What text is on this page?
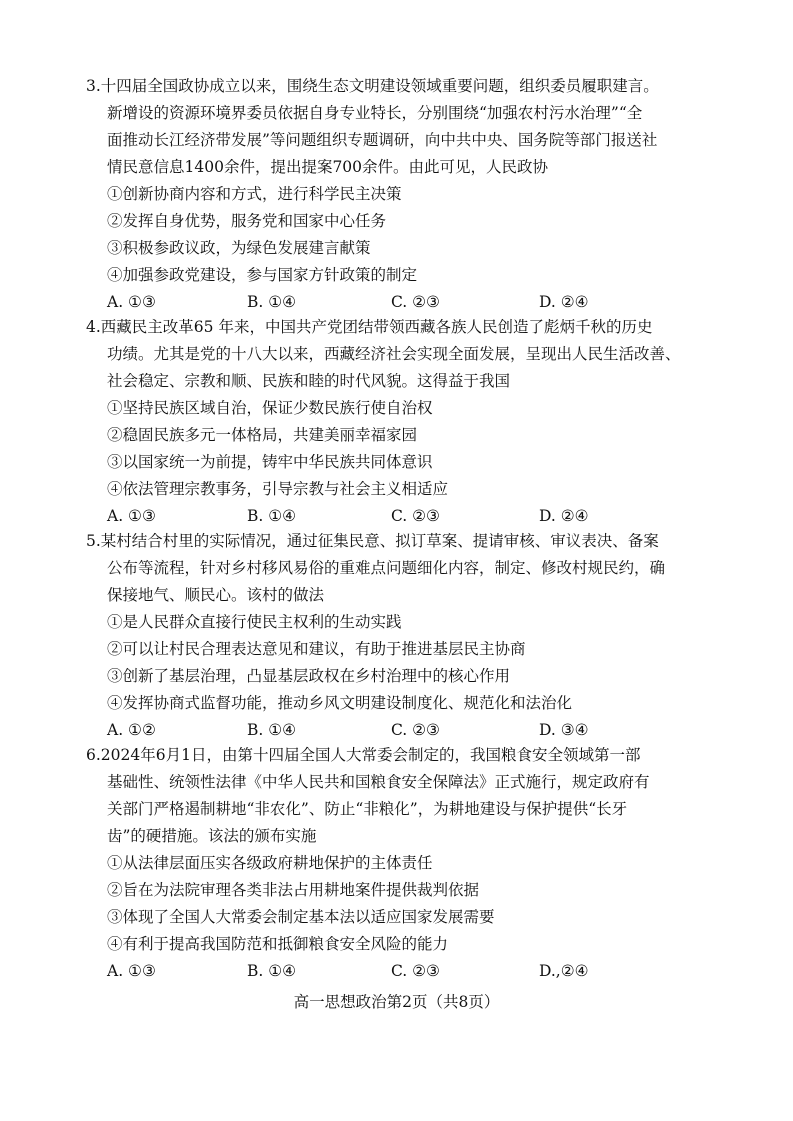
3.十四届全国政协成立以来，围绕生态文明建设领域重要问题，组织委员履职建言。
新增设的资源环境界委员依据自身专业特长，分别围绕“加强农村污水治理”“全
面推动长江经济带发展”等问题组织专题调研，向中共中央、国务院等部门报送社
情民意信息1400余件，提出提案700余件。由此可见，人民政协
①创新协商内容和方式，进行科学民主决策
②发挥自身优势，服务党和国家中心任务
③积极参政议政，为绿色发展建言献策
④加强参政党建设，参与国家方针政策的制定
A. ①③	B. ①④	C. ②③	D. ②④
4.西藏民主改革65 年来，中国共产党团结带领西藏各族人民创造了彪炳千秋的历史
功绩。尤其是党的十八大以来，西藏经济社会实现全面发展，呈现出人民生活改善、
社会稳定、宗教和顺、民族和睦的时代风貌。这得益于我国
①坚持民族区域自治，保证少数民族行使自治权
②稳固民族多元一体格局，共建美丽幸福家园
③以国家统一为前提，铸牢中华民族共同体意识
④依法管理宗教事务，引导宗教与社会主义相适应
A. ①③	B. ①④	C. ②③	D. ②④
5.某村结合村里的实际情况，通过征集民意、拟订草案、提请审核、审议表决、备案
公布等流程，针对乡村移风易俗的重难点问题细化内容，制定、修改村规民约，确
保接地气、顺民心。该村的做法
①是人民群众直接行使民主权利的生动实践
②可以让村民合理表达意见和建议，有助于推进基层民主协商
③创新了基层治理，凸显基层政权在乡村治理中的核心作用
④发挥协商式监督功能，推动乡风文明建设制度化、规范化和法治化
A. ①②	B. ①④	C. ②③	D. ③④
6.2024年6月1日，由第十四届全国人大常委会制定的，我国粮食安全领域第一部
基础性、统领性法律《中华人民共和国粮食安全保障法》正式施行，规定政府有
关部门严格遏制耕地“非农化”、防止“非粮化”，为耕地建设与保护提供“长牙
齿”的硬措施。该法的颁布实施
①从法律层面压实各级政府耕地保护的主体责任
②旨在为法院审理各类非法占用耕地案件提供裁判依据
③体现了全国人大常委会制定基本法以适应国家发展需要
④有利于提高我国防范和抵御粮食安全风险的能力
A. ①③	B. ①④	C. ②③	D.,②④
高一思想政治第2页（共8页）
